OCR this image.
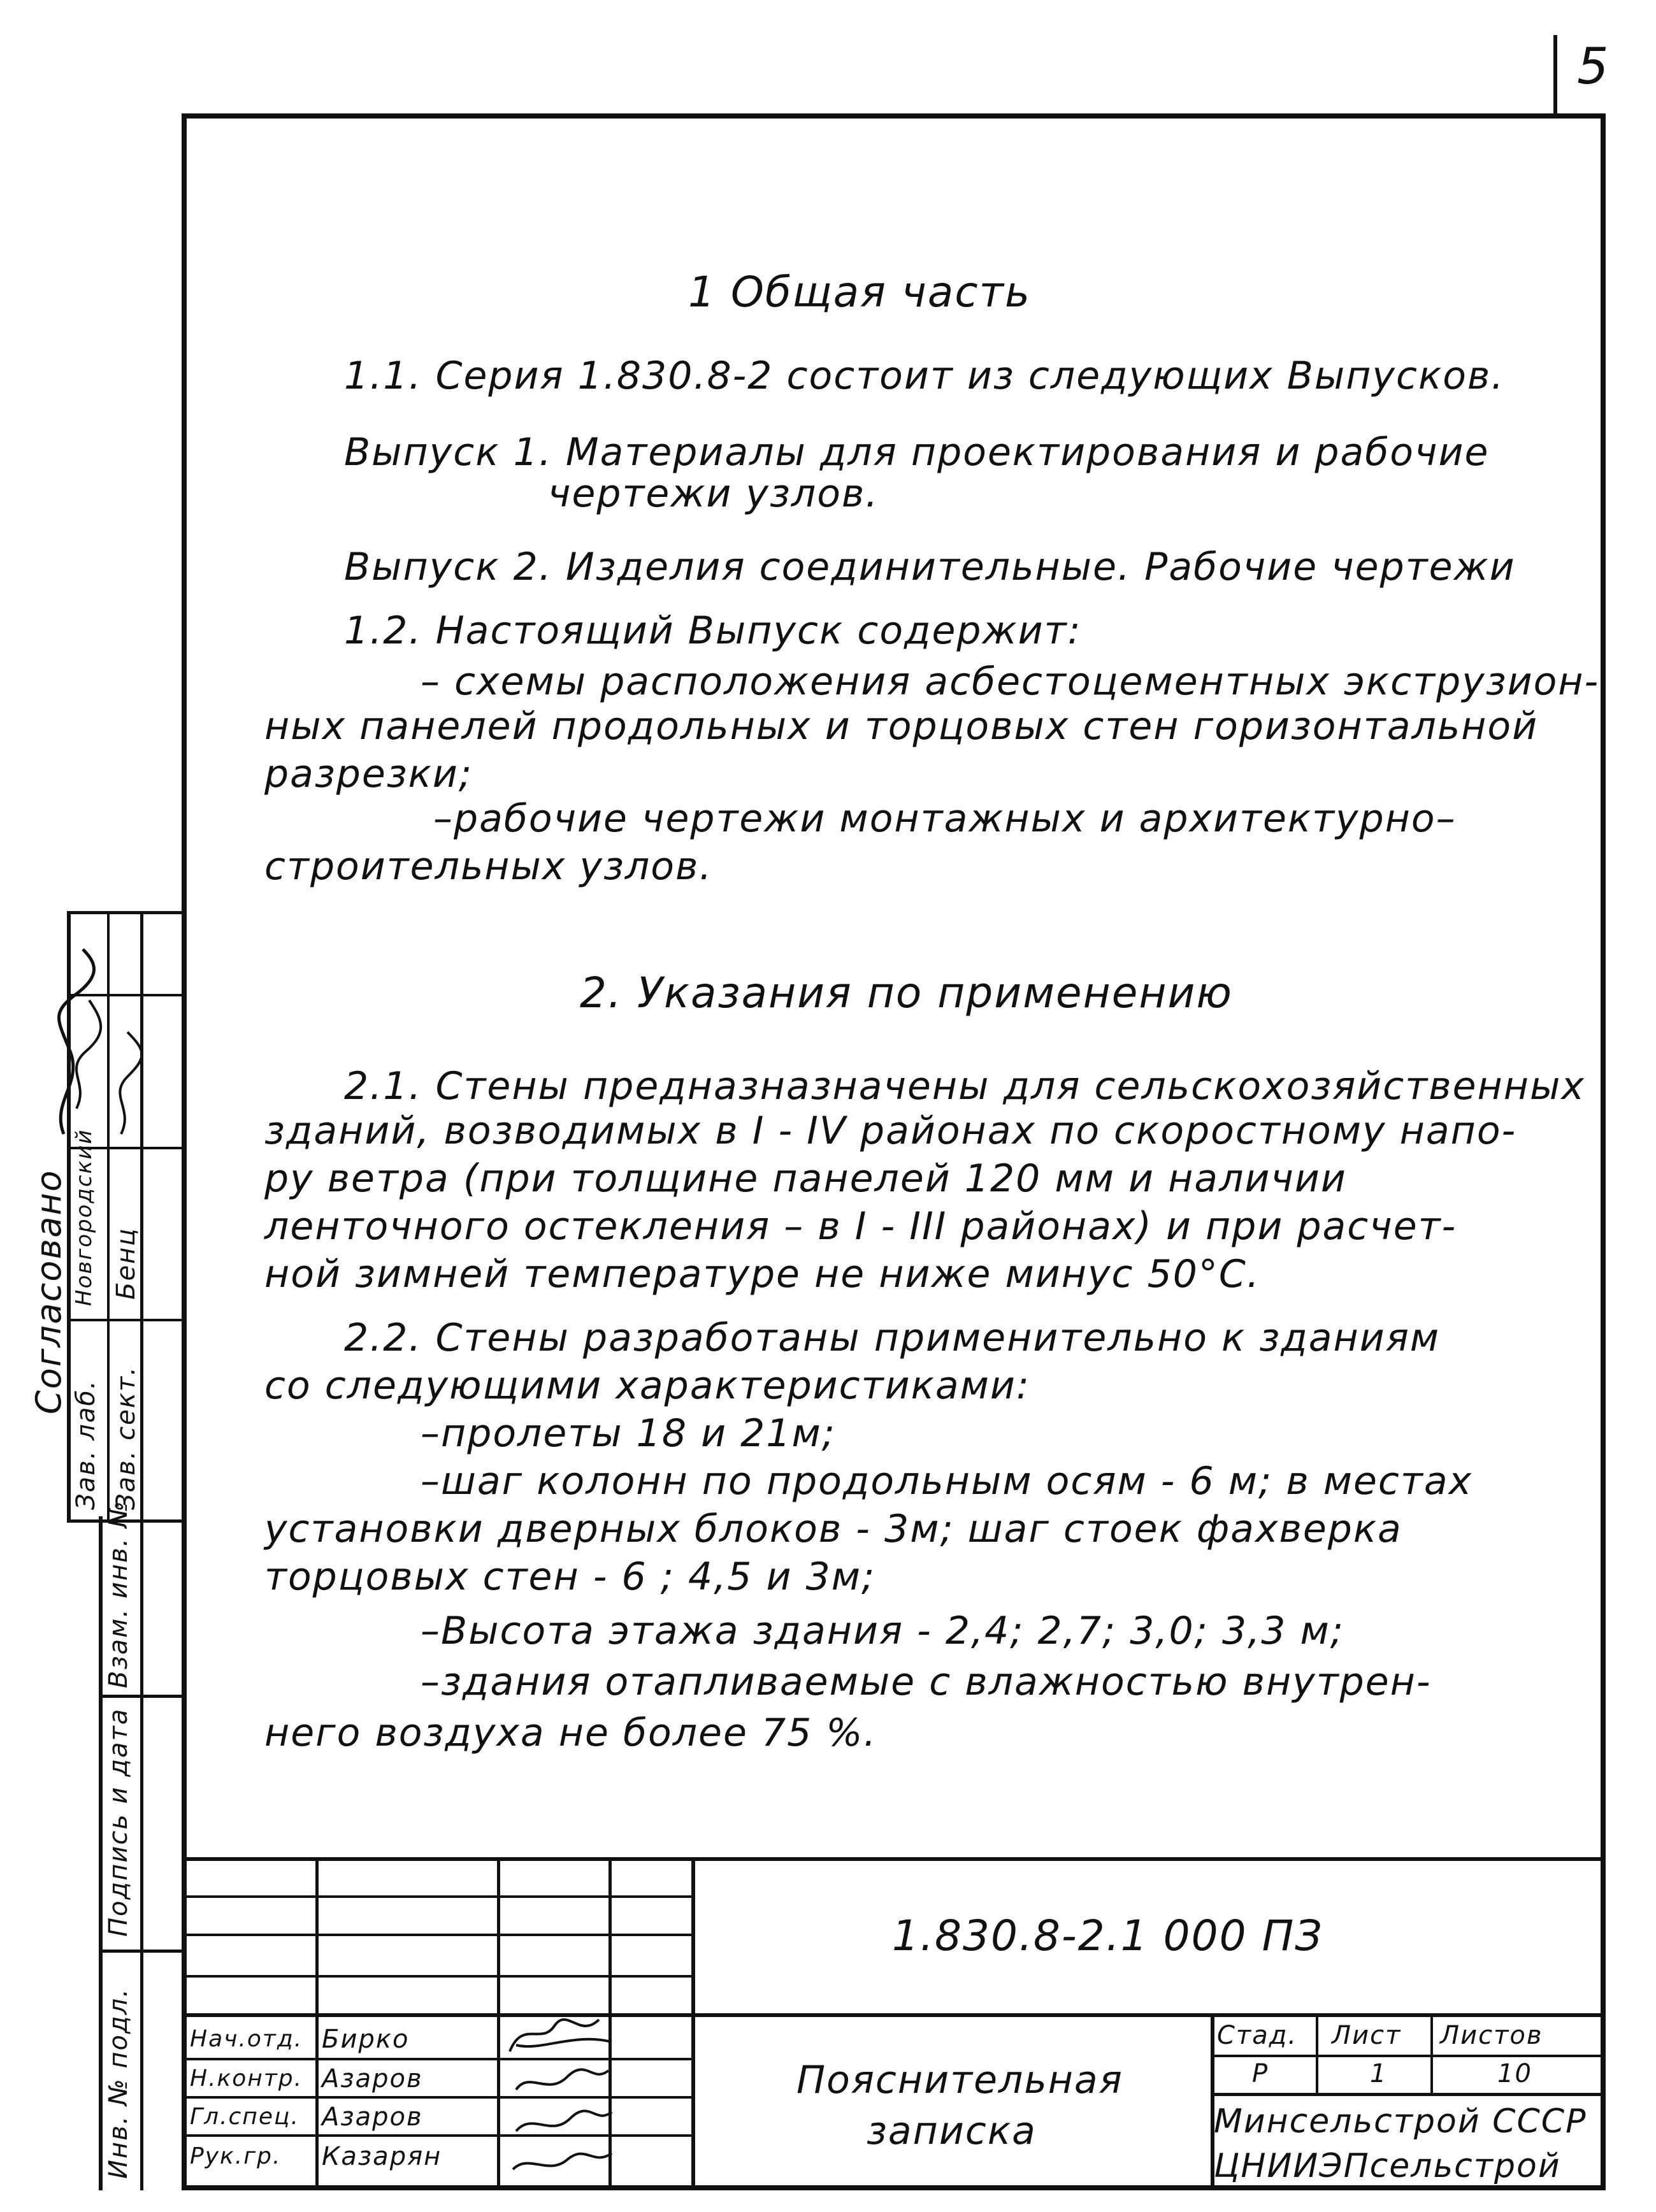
5
1 Общая часть
1.1. Серия 1.830.8-2 состоит из следующих Выпусков.
Выпуск 1. Материалы для проектирования и рабочие
чертежи узлов.
Выпуск 2. Изделия соединительные. Рабочие чертежи
1.2. Настоящий Выпуск содержит:
– схемы расположения асбестоцементных экструзион-
ных панелей продольных и торцовых стен горизонтальной
разрезки;
–рабочие чертежи монтажных и архитектурно–
строительных узлов.
2. Указания по применению
2.1. Стены предназназначены для сельскохозяйственных
зданий, возводимых в I - IV районах по скоростному напо-
ру ветра (при толщине панелей 120 мм и наличии
ленточного остекления – в I - III районах) и при расчет-
ной зимней температуре не ниже минус 50°С.
2.2. Стены разработаны применительно к зданиям
со следующими характеристиками:
–пролеты 18 и 21м;
–шаг колонн по продольным осям - 6 м; в местах
установки дверных блоков - 3м; шаг стоек фахверка
торцовых стен - 6 ; 4,5 и 3м;
–Высота этажа здания - 2,4; 2,7; 3,0; 3,3 м;
–здания отапливаемые с влажностью внутрен-
него воздуха не более 75 %.
Согласовано
Зав. лаб.
Новгородский
Зав. сект.
Бенц
Взам. инв. №
Подпись и дата
Инв. № подл.
1.830.8-2.1 000 ПЗ
Пояснительная
записка
Стад. Лист Листов
Р	1	10
Минсельстрой СССР
ЦНИИЭПсельстрой
Нач.отд. Бирко
Н.контр. Азаров
Гл.спец. Азаров
Рук.гр. Казарян
